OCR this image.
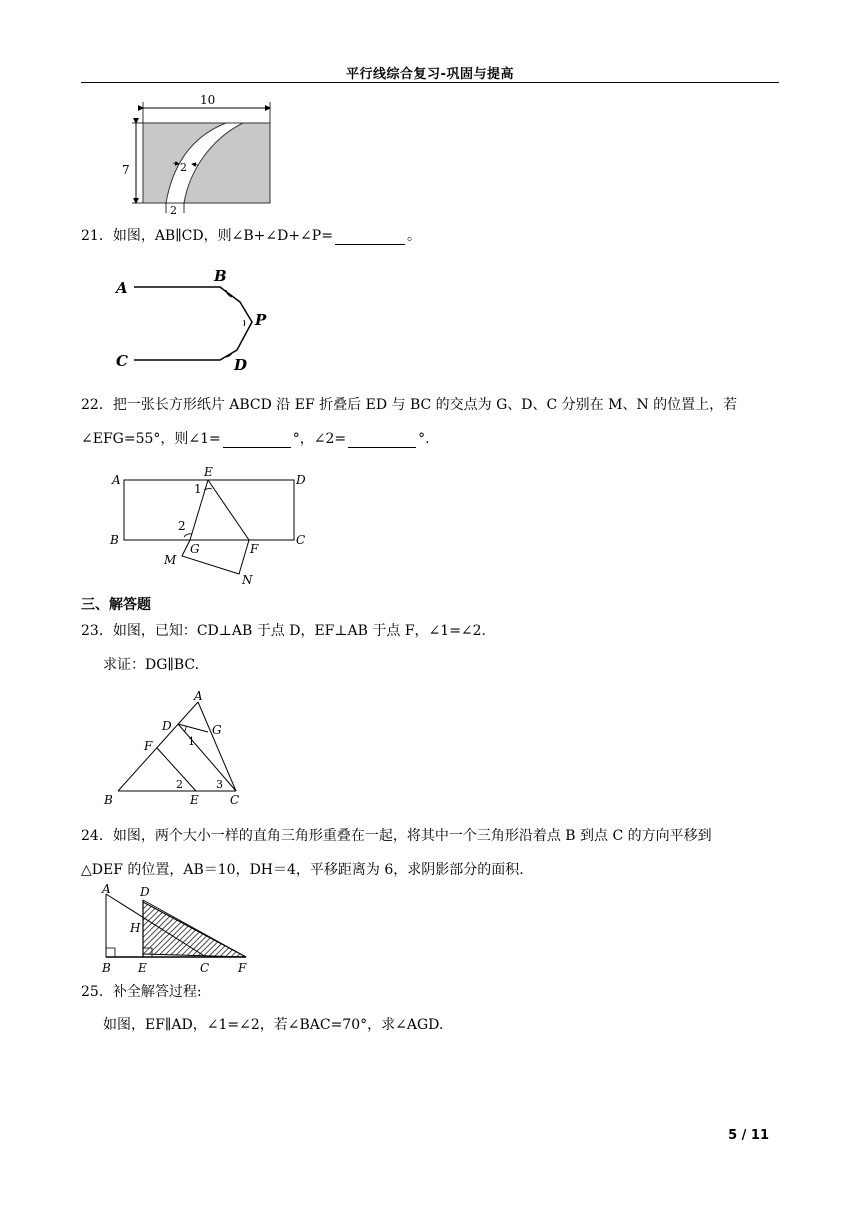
平行线综合复习-巩固与提高
10
7	2
2
21．如图，AB∥CD，则∠B+∠D+∠P=	。
A
B
P
C	D
22．把一张长方形纸片 ABCD 沿 EF 折叠后 ED 与 BC 的交点为 G、D、C 分别在 M、N 的位置上，若
∠EFG=55°，则∠1=	°，∠2=	°.
A
E
D
1
2
B
G	F
C
M
N
三、解答题
23．如图，已知：CD⊥AB 于点 D，EF⊥AB 于点 F，∠1=∠2.
求证：DG∥BC.
A
D	G
1
F
2	3
B	E	C
24．如图，两个大小一样的直角三角形重叠在一起，将其中一个三角形沿着点 B 到点 C 的方向平移到
△DEF 的位置，AB＝10，DH＝4，平移距离为 6，求阴影部分的面积.
A D
H
B E	C F
25．补全解答过程:
如图，EF∥AD，∠1=∠2，若∠BAC=70°，求∠AGD.
5 / 11
